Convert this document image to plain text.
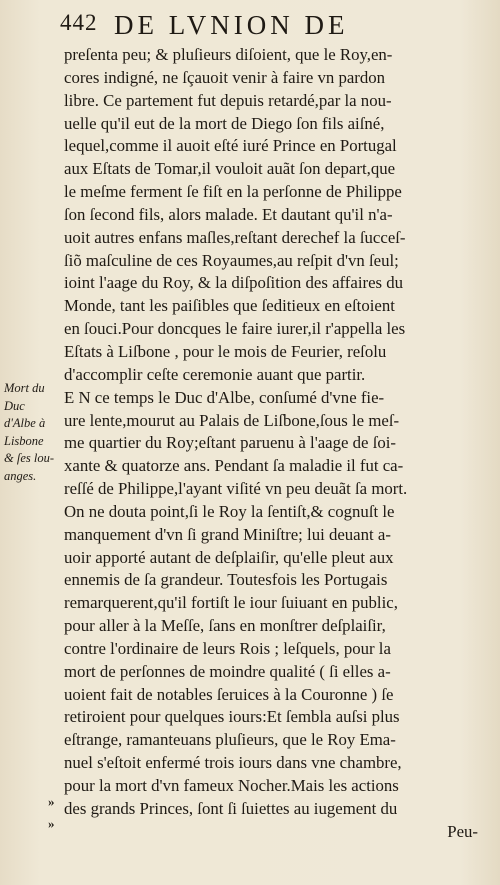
442 DE LVNION DE
Mort du
Duc
d'Albe à
Lisbone
& ſes lou-
anges.
»
»
preſenta peu; & pluſieurs diſoient, que le Roy,en-
cores indigné, ne ſçauoit venir à faire vn pardon
libre. Ce partement fut depuis retardé,par la nou-
uelle qu'il eut de la mort de Diego ſon fils aiſné,
lequel,comme il auoit eſté iuré Prince en Portugal
aux Eſtats de Tomar,il vouloit auãt ſon depart,que
le meſme ferment ſe fiſt en la perſonne de Philippe
ſon ſecond fils, alors malade. Et dautant qu'il n'a-
uoit autres enfans maſles,reſtant derechef la ſucceſ-
ſiõ maſculine de ces Royaumes,au reſpit d'vn ſeul;
ioint l'aage du Roy, & la diſpoſition des affaires du
Monde, tant les paiſibles que ſeditieux en eſtoient
en ſouci.Pour doncques le faire iurer,il r'appella les
Eſtats à Liſbone , pour le mois de Feurier, reſolu
d'accomplir ceſte ceremonie auant que partir.
E N ce temps le Duc d'Albe, conſumé d'vne fie-
ure lente,mourut au Palais de Liſbone,ſous le meſ-
me quartier du Roy;eſtant paruenu à l'aage de ſoi-
xante & quatorze ans. Pendant ſa maladie il fut ca-
reſſé de Philippe,l'ayant viſité vn peu deuãt ſa mort.
On ne douta point,ſi le Roy la ſentiſt,& cognuſt le
manquement d'vn ſi grand Miniſtre; lui deuant a-
uoir apporté autant de deſplaiſir, qu'elle pleut aux
ennemis de ſa grandeur. Toutesfois les Portugais
remarquerent,qu'il fortiſt le iour ſuiuant en public,
pour aller à la Meſſe, ſans en monſtrer deſplaiſir,
contre l'ordinaire de leurs Rois ; leſquels, pour la
mort de perſonnes de moindre qualité ( ſi elles a-
uoient fait de notables ſeruices à la Couronne ) ſe
retiroient pour quelques iours:Et ſembla auſsi plus
eſtrange, ramanteuans pluſieurs, que le Roy Ema-
nuel s'eſtoit enfermé trois iours dans vne chambre,
pour la mort d'vn fameux Nocher.Mais les actions
des grands Princes, ſont ſi ſuiettes au iugement du
Peu-
